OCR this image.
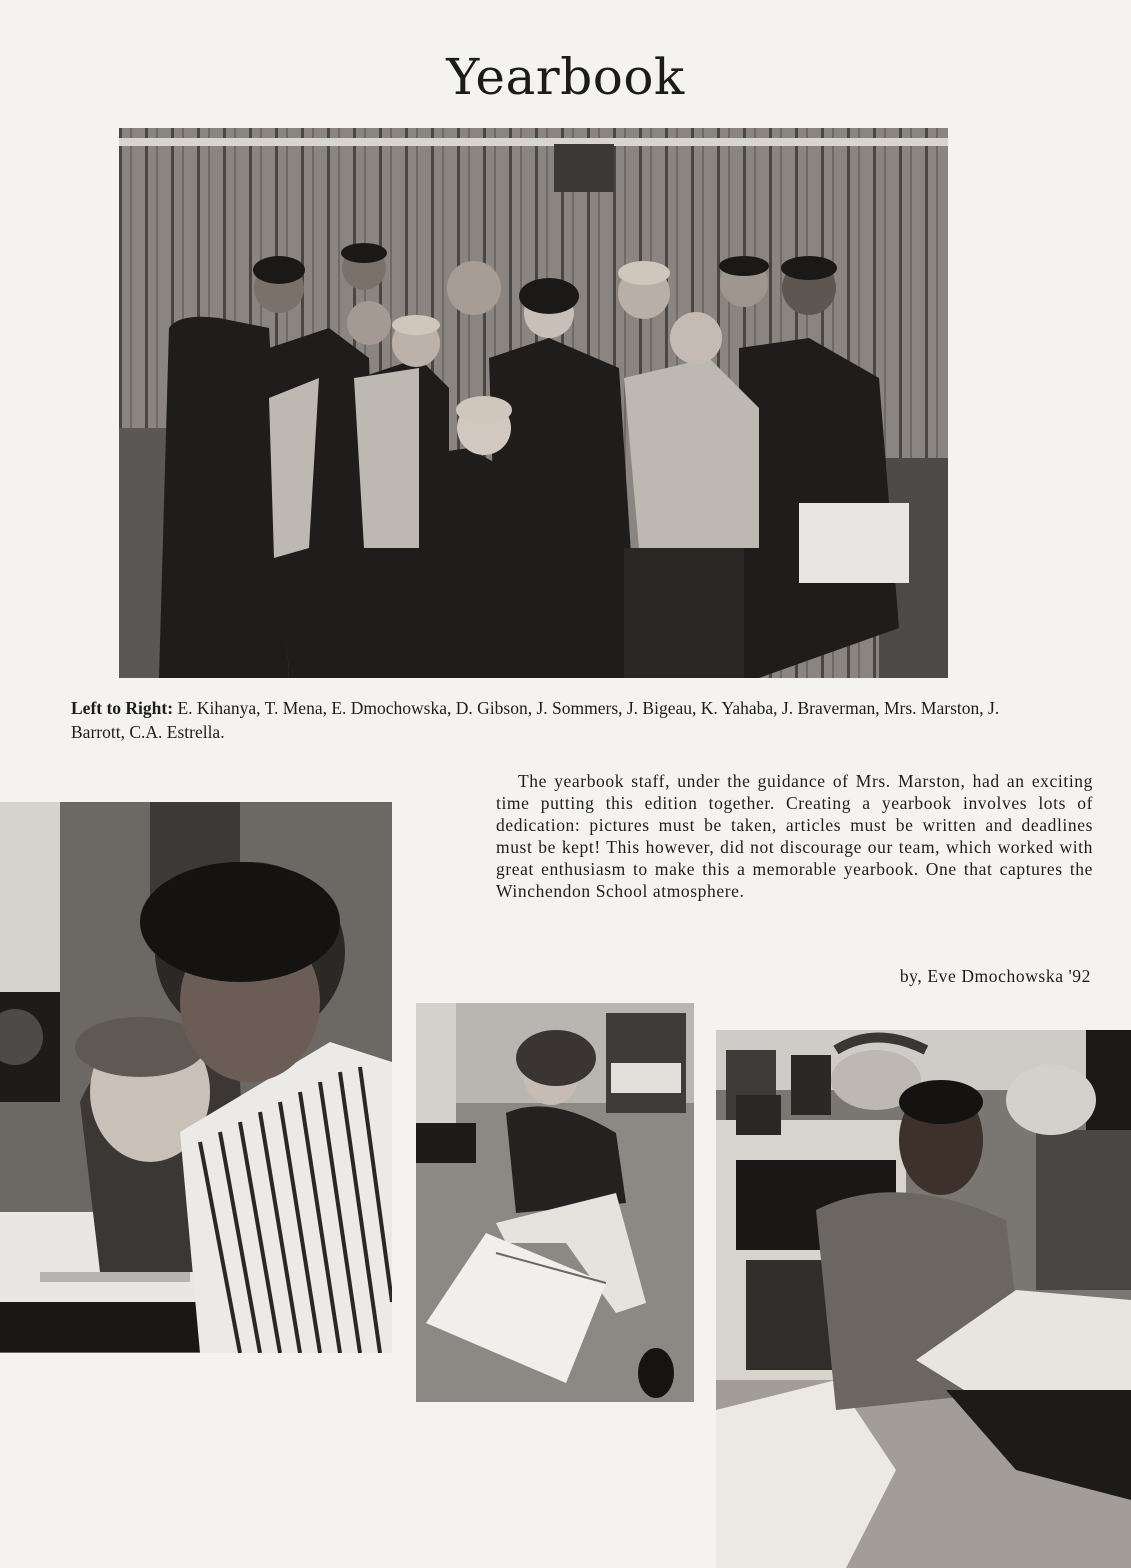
Yearbook

Left to Right: E. Kihanya, T. Mena, E. Dmochowska, D. Gibson, J. Sommers, J. Bigeau, K. Yahaba, J. Braverman, Mrs. Marston, J. Barrott, C.A. Estrella.

The yearbook staff, under the guidance of Mrs. Marston, had an exciting time putting this edition together. Creating a yearbook involves lots of dedication: pictures must be taken, articles must be written and deadlines must be kept! This however, did not discourage our team, which worked with great enthusiasm to make this a memorable yearbook. One that captures the Winchendon School atmosphere.

by, Eve Dmochowska '92
